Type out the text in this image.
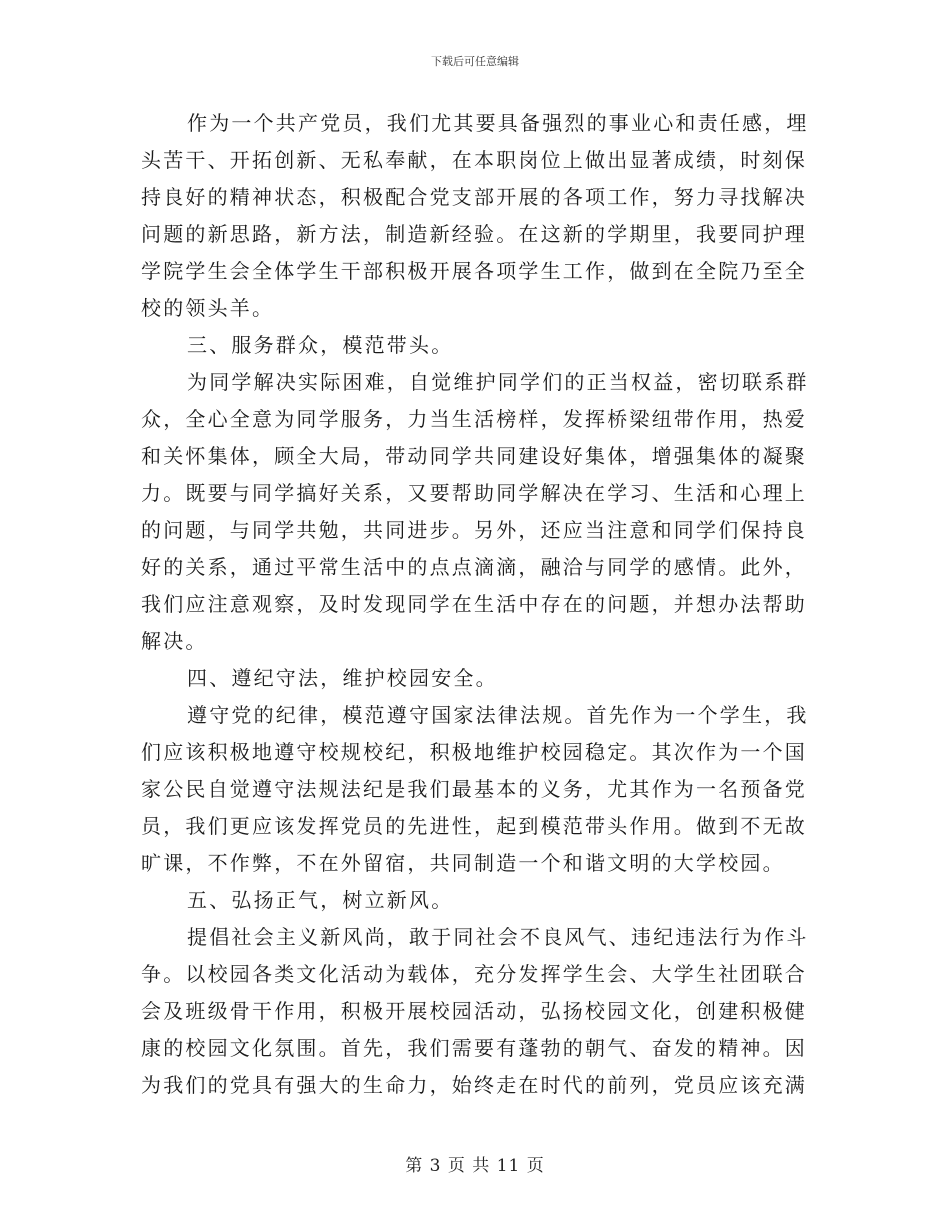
下载后可任意编辑

作为一个共产党员，我们尤其要具备强烈的事业心和责任感，埋
头苦干、开拓创新、无私奉献，在本职岗位上做出显著成绩，时刻保
持良好的精神状态，积极配合党支部开展的各项工作，努力寻找解决
问题的新思路，新方法，制造新经验。在这新的学期里，我要同护理
学院学生会全体学生干部积极开展各项学生工作，做到在全院乃至全
校的领头羊。

三、服务群众，模范带头。

为同学解决实际困难，自觉维护同学们的正当权益，密切联系群
众，全心全意为同学服务，力当生活榜样，发挥桥梁纽带作用，热爱
和关怀集体，顾全大局，带动同学共同建设好集体，增强集体的凝聚
力。既要与同学搞好关系，又要帮助同学解决在学习、生活和心理上
的问题，与同学共勉，共同进步。另外，还应当注意和同学们保持良
好的关系，通过平常生活中的点点滴滴，融洽与同学的感情。此外，
我们应注意观察，及时发现同学在生活中存在的问题，并想办法帮助
解决。

四、遵纪守法，维护校园安全。

遵守党的纪律，模范遵守国家法律法规。首先作为一个学生，我
们应该积极地遵守校规校纪，积极地维护校园稳定。其次作为一个国
家公民自觉遵守法规法纪是我们最基本的义务，尤其作为一名预备党
员，我们更应该发挥党员的先进性，起到模范带头作用。做到不无故
旷课，不作弊，不在外留宿，共同制造一个和谐文明的大学校园。

五、弘扬正气，树立新风。

提倡社会主义新风尚，敢于同社会不良风气、违纪违法行为作斗
争。以校园各类文化活动为载体，充分发挥学生会、大学生社团联合
会及班级骨干作用，积极开展校园活动，弘扬校园文化，创建积极健
康的校园文化氛围。首先，我们需要有蓬勃的朝气、奋发的精神。因
为我们的党具有强大的生命力，始终走在时代的前列，党员应该充满

第 3 页 共 11 页
